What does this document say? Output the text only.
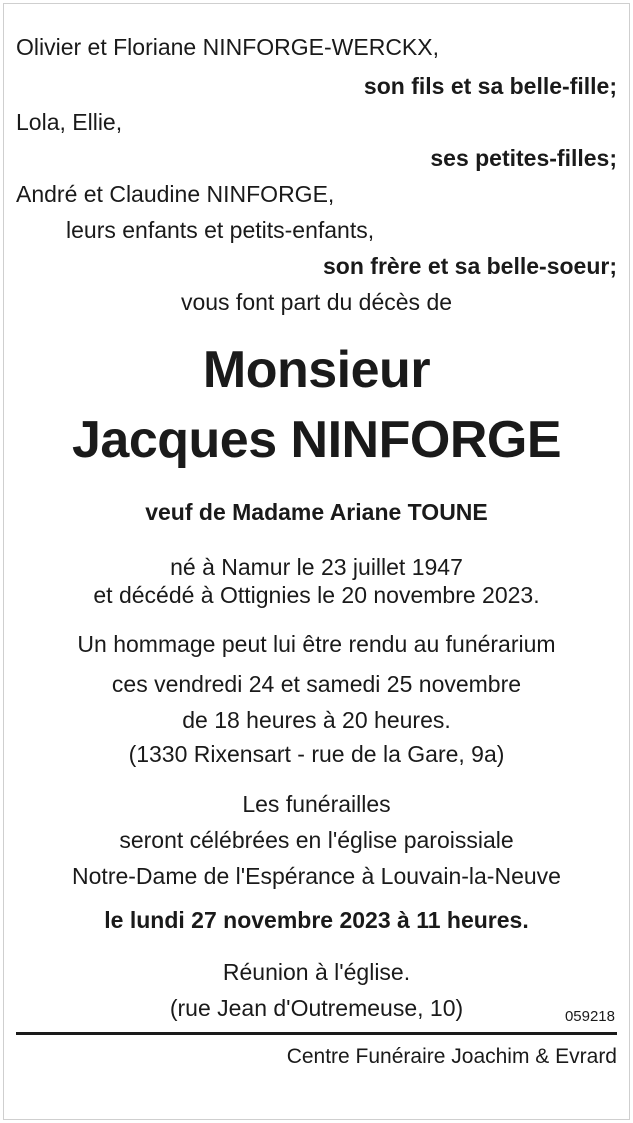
Olivier et Floriane NINFORGE-WERCKX,
son fils et sa belle-fille;
Lola, Ellie,
ses petites-filles;
André et Claudine NINFORGE,
leurs enfants et petits-enfants,
son frère et sa belle-soeur;
vous font part du décès de
Monsieur
Jacques NINFORGE
veuf de Madame Ariane TOUNE
né à Namur le 23 juillet 1947
et décédé à Ottignies le 20 novembre 2023.
Un hommage peut lui être rendu au funérarium
ces vendredi 24 et samedi 25 novembre
de 18 heures à 20 heures.
(1330 Rixensart - rue de la Gare, 9a)
Les funérailles
seront célébrées en l'église paroissiale
Notre-Dame de l'Espérance à Louvain-la-Neuve
le lundi 27 novembre 2023 à 11 heures.
Réunion à l'église.
(rue Jean d'Outremeuse, 10)	059218
Centre Funéraire Joachim & Evrard
